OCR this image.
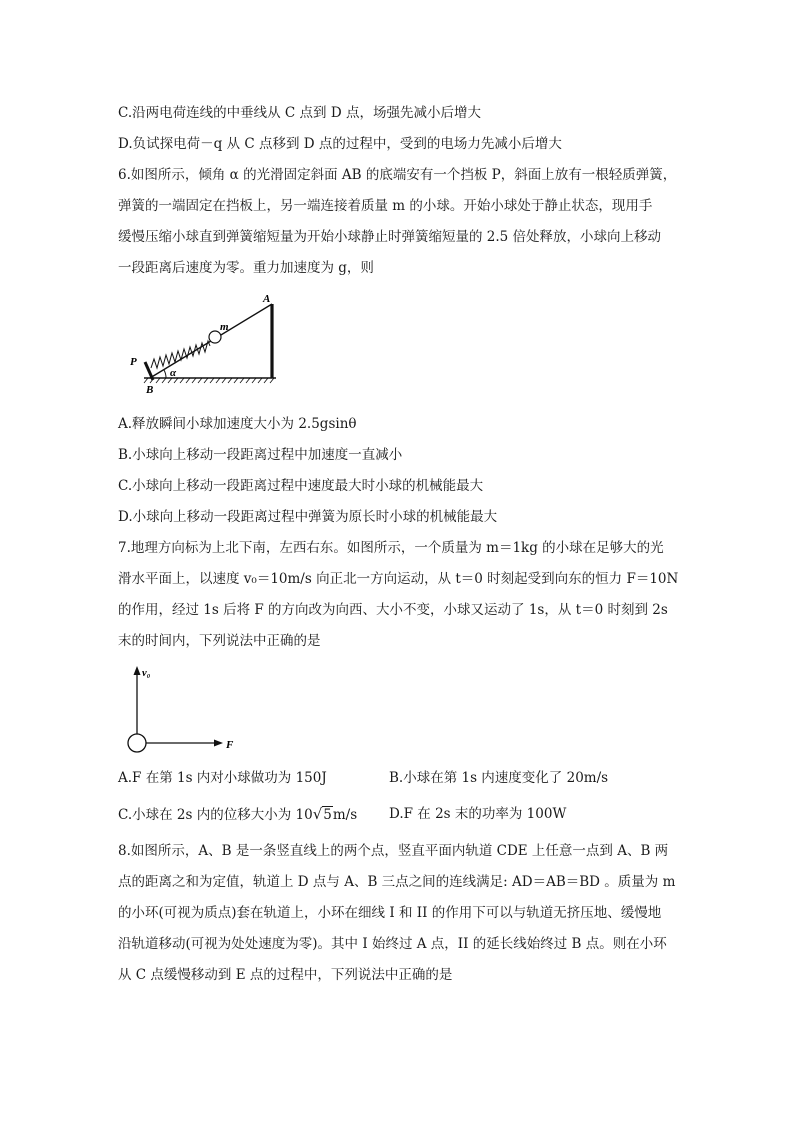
C.沿两电荷连线的中垂线从 C 点到 D 点，场强先减小后增大
D.负试探电荷－q 从 C 点移到 D 点的过程中，受到的电场力先减小后增大
6.如图所示，倾角 α 的光滑固定斜面 AB 的底端安有一个挡板 P，斜面上放有一根轻质弹簧，
弹簧的一端固定在挡板上，另一端连接着质量 m 的小球。开始小球处于静止状态，现用手
缓慢压缩小球直到弹簧缩短量为开始小球静止时弹簧缩短量的 2.5 倍处释放，小球向上移动
一段距离后速度为零。重力加速度为 g，则
A
m
P
B
α
A.释放瞬间小球加速度大小为 2.5gsinθ
B.小球向上移动一段距离过程中加速度一直减小
C.小球向上移动一段距离过程中速度最大时小球的机械能最大
D.小球向上移动一段距离过程中弹簧为原长时小球的机械能最大
7.地理方向标为上北下南，左西右东。如图所示，一个质量为 m＝1kg 的小球在足够大的光
滑水平面上，以速度 v₀＝10m/s 向正北一方向运动，从 t＝0 时刻起受到向东的恒力 F＝10N
的作用，经过 1s 后将 F 的方向改为向西、大小不变，小球又运动了 1s，从 t＝0 时刻到 2s
末的时间内，下列说法中正确的是
v₀
F
A.F 在第 1s 内对小球做功为 150J	B.小球在第 1s 内速度变化了 20m/s
C.小球在 2s 内的位移大小为 10√5m/s D.F 在 2s 末的功率为 100W
8.如图所示，A、B 是一条竖直线上的两个点，竖直平面内轨道 CDE 上任意一点到 A、B 两
点的距离之和为定值，轨道上 D 点与 A、B 三点之间的连线满足: AD＝AB＝BD 。质量为 m
的小环(可视为质点)套在轨道上，小环在细线 I 和 II 的作用下可以与轨道无挤压地、缓慢地
沿轨道移动(可视为处处速度为零)。其中 I 始终过 A 点，II 的延长线始终过 B 点。则在小环
从 C 点缓慢移动到 E 点的过程中，下列说法中正确的是
